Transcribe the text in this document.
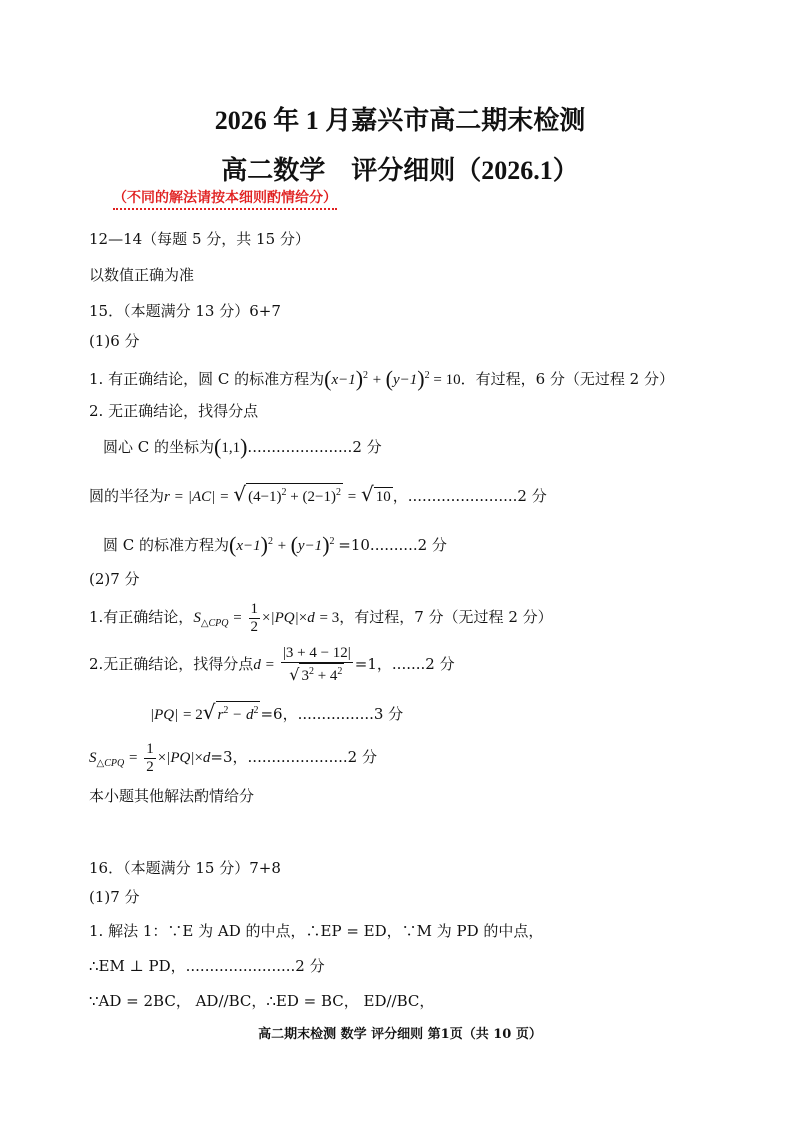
2026 年 1 月嘉兴市高二期末检测
高二数学　评分细则（2026.1）
（不同的解法请按本细则酌情给分）
12—14（每题 5 分，共 15 分）
以数值正确为准
15．（本题满分 13 分）6+7
(1)6 分
1. 有正确结论，圆 C 的标准方程为$(x-1)^2 + (y-1)^2 = 10$．有过程，6 分（无过程 2 分）
2. 无正确结论，找得分点
圆心 C 的坐标为(1,1)......................2 分
圆的半径为r = |AC| = √ $(4-1)^2 + (2-1)^2$ = √ 10 ，.......................2 分
圆 C 的标准方程为$(x-1)^2 + (y-1)^2 =10..........2$ 分
(2)7 分
1.有正确结论，$S_{\triangle CPQ} = \frac{1}{2} \times|PQ|\times d = 3$，有过程，7 分（无过程 2 分）
2.无正确结论，找得分点$d = \frac{|3 + 4 - 12|}{√ 3^2 + 4^2} =1$，.......2 分
|PQ| = 2√ $r^2 - d^2 =6$，................3 分
$S_{\triangle CPQ} = \frac{1}{2} \times|PQ|\times d=3$，.....................2 分
本小题其他解法酌情给分
16．（本题满分 15 分）7+8
(1)7 分
1. 解法 1：∵E 为 AD 的中点，∴EP = ED，∵M 为 PD 的中点，
∴EM ⊥ PD，.......................2 分
∵AD = 2BC， AD//BC，∴ED = BC， ED//BC，
高二期末检测 数学 评分细则 第1页（共 10 页）
